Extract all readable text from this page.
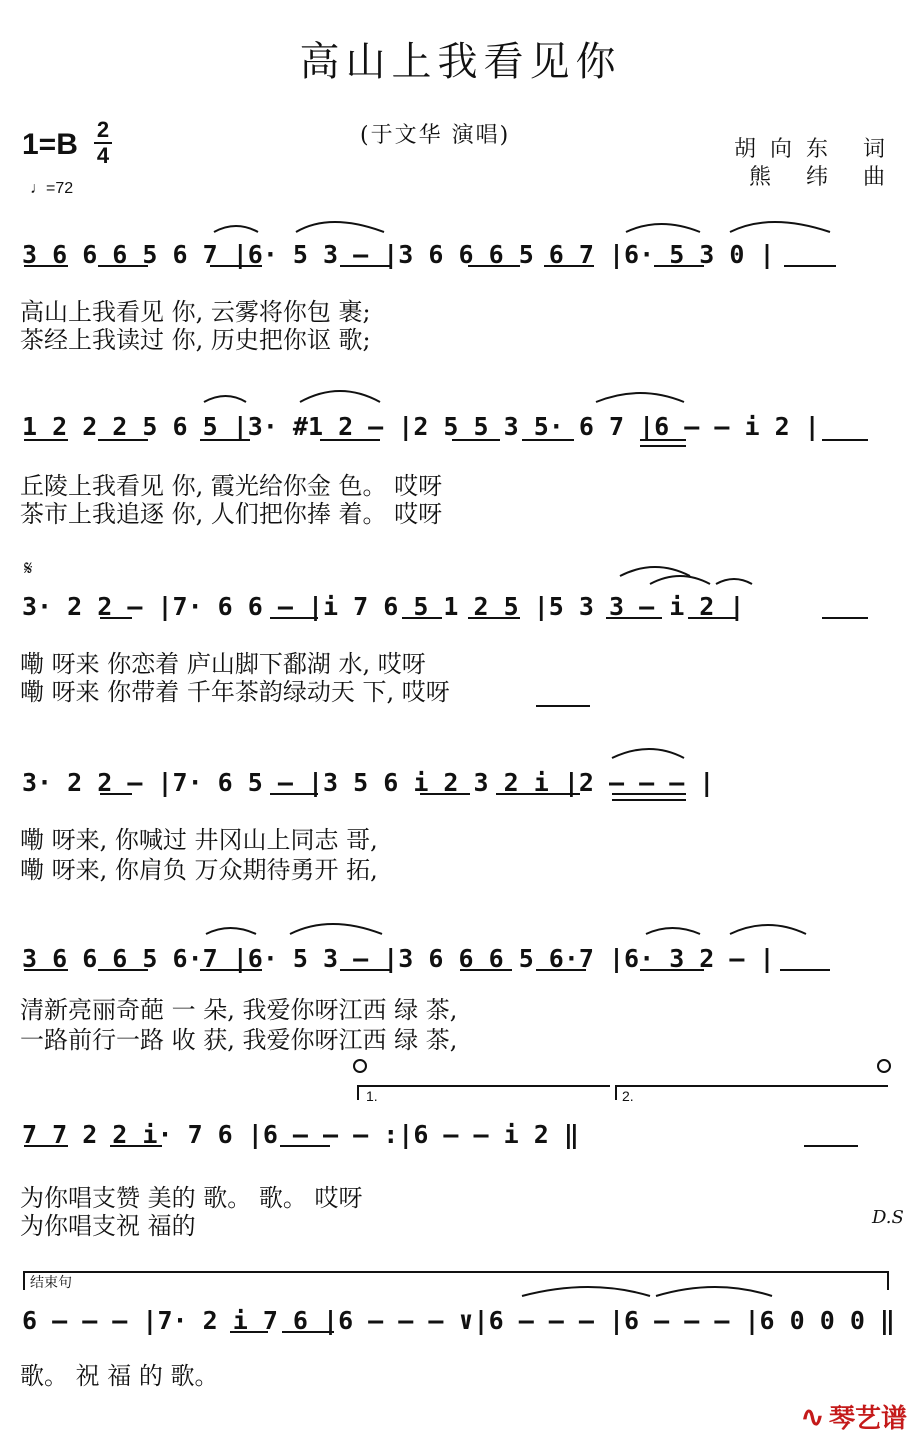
高山上我看见你
(于文华 演唱)
胡向东 词
熊 纬 曲
1=B 2
4
♩=72
3 6 6 6 5 6 7 |6· 5 3 – |3 6 6 6 5 6 7 |6· 5 3 0 |
高山上我看见 你, 云雾将你包 裹;
茶经上我读过 你, 历史把你讴 歌;
1 2 2 2 5 6 5 |3· #1 2 – |2 5 5 3 5· 6 7 |6 – – i 2 |
丘陵上我看见 你, 霞光给你金 色。 哎呀
茶市上我追逐 你, 人们把你捧 着。 哎呀
𝄋
3· 2 2 – |7· 6 6 – |i 7 6 5 1 2 5 |5 3 3 – i 2 |
嘞 呀来 你恋着 庐山脚下鄱湖 水, 哎呀
嘞 呀来 你带着 千年茶韵绿动天 下, 哎呀
3· 2 2 – |7· 6 5 – |3 5 6 i 2 3 2 i |2 – – – |
嘞 呀来, 你喊过 井冈山上同志 哥,
嘞 呀来, 你肩负 万众期待勇开 拓,
3 6 6 6 5 6·7 |6· 5 3 – |3 6 6 6 5 6·7 |6· 3 2 – |
清新亮丽奇葩 一 朵, 我爱你呀江西 绿 茶,
一路前行一路 收 获, 我爱你呀江西 绿 茶,
1.	2.
7 7 2 2 i· 7 6 |6 – – – :|6 – – i 2 ‖
为你唱支赞 美的 歌。 歌。 哎呀
为你唱支祝 福的	D.S
结束句
6 – – – |7· 2 i 7 6 |6 – – – ∨|6 – – – |6 – – – |6 0 0 0 ‖
歌。 祝 福 的 歌。
∿ 琴艺谱
